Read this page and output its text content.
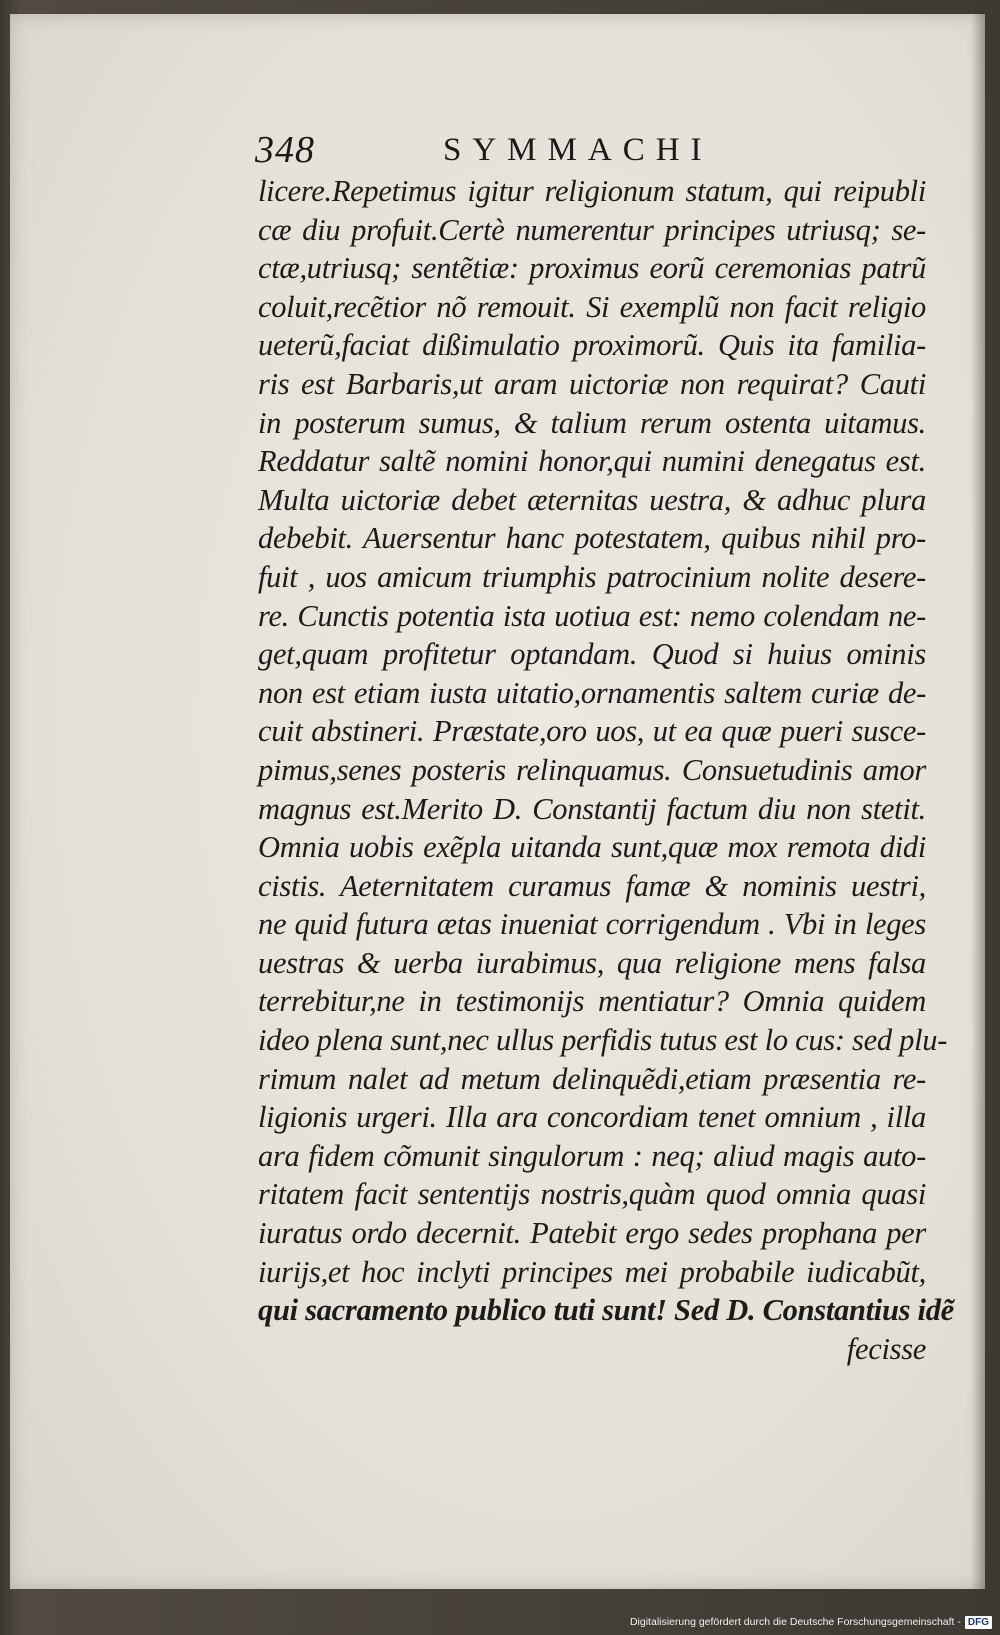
348	SYMMACHI
licere.Repetimus igitur religionum statum, qui reipubli
cæ diu profuit.Certè numerentur principes utriusq; se-
ctæ,utriusq; sentẽtiæ: proximus eorũ ceremonias patrũ
coluit,recẽtior nõ remouit. Si exemplũ non facit religio
ueterũ,faciat dißimulatio proximorũ. Quis ita familia-
ris est Barbaris,ut aram uictoriæ non requirat? Cauti
in posterum sumus, & talium rerum ostenta uitamus.
Reddatur saltẽ nomini honor,qui numini denegatus est.
Multa uictoriæ debet æternitas uestra, & adhuc plura
debebit. Auersentur hanc potestatem, quibus nihil pro-
fuit , uos amicum triumphis patrocinium nolite desere-
re. Cunctis potentia ista uotiua est: nemo colendam ne-
get,quam profitetur optandam. Quod si huius ominis
non est etiam iusta uitatio,ornamentis saltem curiæ de-
cuit abstineri. Præstate,oro uos, ut ea quæ pueri susce-
pimus,senes posteris relinquamus. Consuetudinis amor
magnus est.Merito D. Constantij factum diu non stetit.
Omnia uobis exẽpla uitanda sunt,quæ mox remota didi
cistis. Aeternitatem curamus famæ & nominis uestri,
ne quid futura ætas inueniat corrigendum . Vbi in leges
uestras & uerba iurabimus, qua religione mens falsa
terrebitur,ne in testimonijs mentiatur? Omnia quidem
ideo plena sunt,nec ullus perfidis tutus est lo cus: sed plu-
rimum nalet ad metum delinquẽdi,etiam præsentia re-
ligionis urgeri. Illa ara concordiam tenet omnium , illa
ara fidem cõmunit singulorum : neq; aliud magis auto-
ritatem facit sententijs nostris,quàm quod omnia quasi
iuratus ordo decernit. Patebit ergo sedes prophana per
iurijs,et hoc inclyti principes mei probabile iudicabũt,
qui sacramento publico tuti sunt! Sed D. Constantius idẽ
fecisse
Digitalisierung gefördert durch die Deutsche Forschungsgemeinschaft - DFG
